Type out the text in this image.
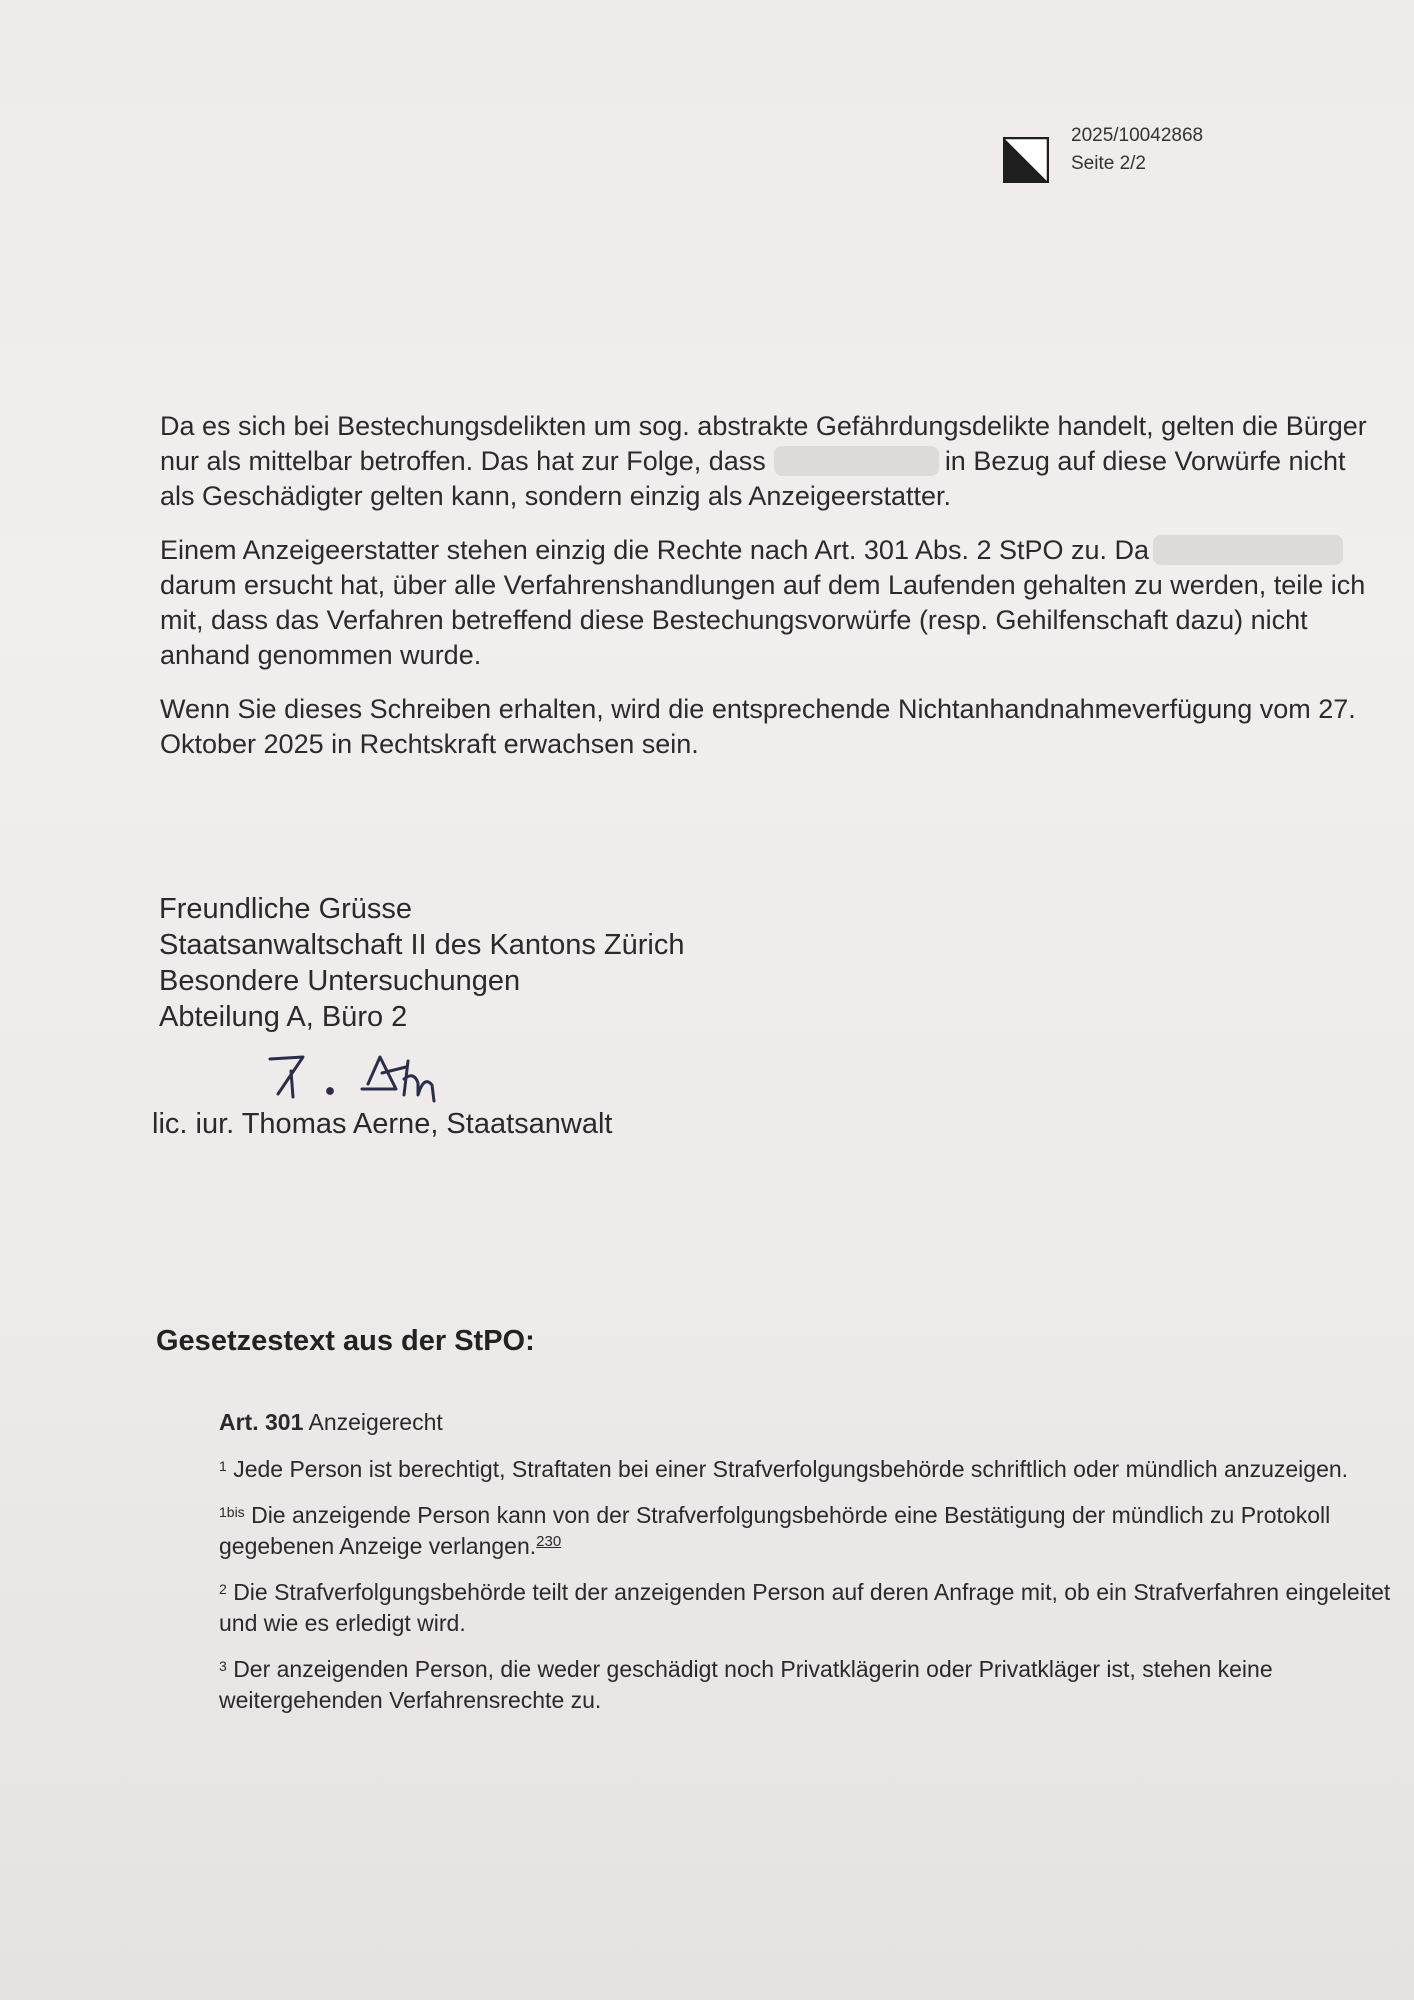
2025/10042868
Seite 2/2

Da es sich bei Bestechungsdelikten um sog. abstrakte Gefährdungsdelikte handelt, gelten die Bürger nur als mittelbar betroffen. Das hat zur Folge, dass	in Bezug auf diese Vorwürfe nicht als Geschädigter gelten kann, sondern einzig als Anzeigeerstatter.

Einem Anzeigeerstatter stehen einzig die Rechte nach Art. 301 Abs. 2 StPO zu. Da darum ersucht hat, über alle Verfahrenshandlungen auf dem Laufenden gehalten zu werden, teile ich mit, dass das Verfahren betreffend diese Bestechungsvorwürfe (resp. Gehilfenschaft dazu) nicht anhand genommen wurde.

Wenn Sie dieses Schreiben erhalten, wird die entsprechende Nichtanhandnahmeverfügung vom 27. Oktober 2025 in Rechtskraft erwachsen sein.

Freundliche Grüsse
Staatsanwaltschaft II des Kantons Zürich
Besondere Untersuchungen
Abteilung A, Büro 2
lic. iur. Thomas Aerne, Staatsanwalt
Gesetzestext aus der StPO:
Art. 301 Anzeigerecht

$^1$ Jede Person ist berechtigt, Straftaten bei einer Strafverfolgungsbehörde schriftlich oder mündlich anzuzeigen.

$^{1bis}$ Die anzeigende Person kann von der Strafverfolgungsbehörde eine Bestätigung der mündlich zu Protokoll gegebenen Anzeige verlangen.$^{230}$

$^2$ Die Strafverfolgungsbehörde teilt der anzeigenden Person auf deren Anfrage mit, ob ein Strafverfahren eingeleitet und wie es erledigt wird.

$^3$ Der anzeigenden Person, die weder geschädigt noch Privatklägerin oder Privatkläger ist, stehen keine weitergehenden Verfahrensrechte zu.
